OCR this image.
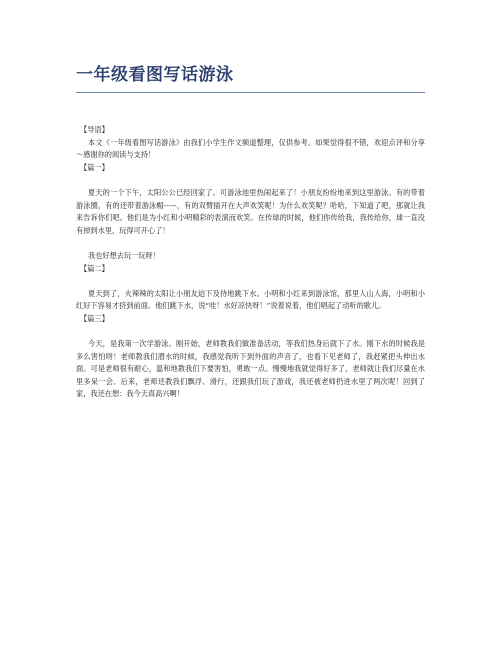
一年级看图写话游泳

【导语】

本文《一年级看图写话游泳》由我们小学生作文频道整理，仅供参考。如果觉得很不错，欢迎点评和分享～感谢你的阅读与支持！

【篇一】

夏天的一个下午，太阳公公已经回家了。可游泳池里热闹起来了！小朋友纷纷地来到这里游泳。有的带着游泳圈，有的还带着游泳帽-----，有的双臂插开在大声欢笑呢！为什么欢笑呢？哈哈，下知道了吧，那就让我来告诉你们吧。他们是为小红和小明精彩的表演而欢笑。在传球的时候，他们你传给我，我传给你，球一直没有掉到水里，玩得可开心了！

我也好想去玩一玩呀！

【篇二】

夏天到了，火辣辣的太阳让小朋友迫下及待地跳下水。小明和小红来到游泳馆，那里人山人海，小明和小红好下容易才挤到前面。他们跳下水，说“哇！水好凉快呀！”说着说着，他们唱起了动听的歌儿。

【篇三】

今天，是我第一次学游泳。刚开始，老师教我们做准备活动，等我们热身后就下了水。刚下水的时候我是多么害怕呀！老师教我们潜水的时候，我感觉我听下到外面的声音了，也看下见老师了，我赶紧把头伸出水面。可是老师很有耐心，温和地教我们下要害怕，勇敢一点。慢慢地我就觉得好多了，老师就让我们尽量在水里多呆一会。后来，老师还教我们飘浮、滑行，还跟我们玩了游戏，我还被老师扔进水里了两次呢！回到了家，我还在想：我今天真高兴啊！
